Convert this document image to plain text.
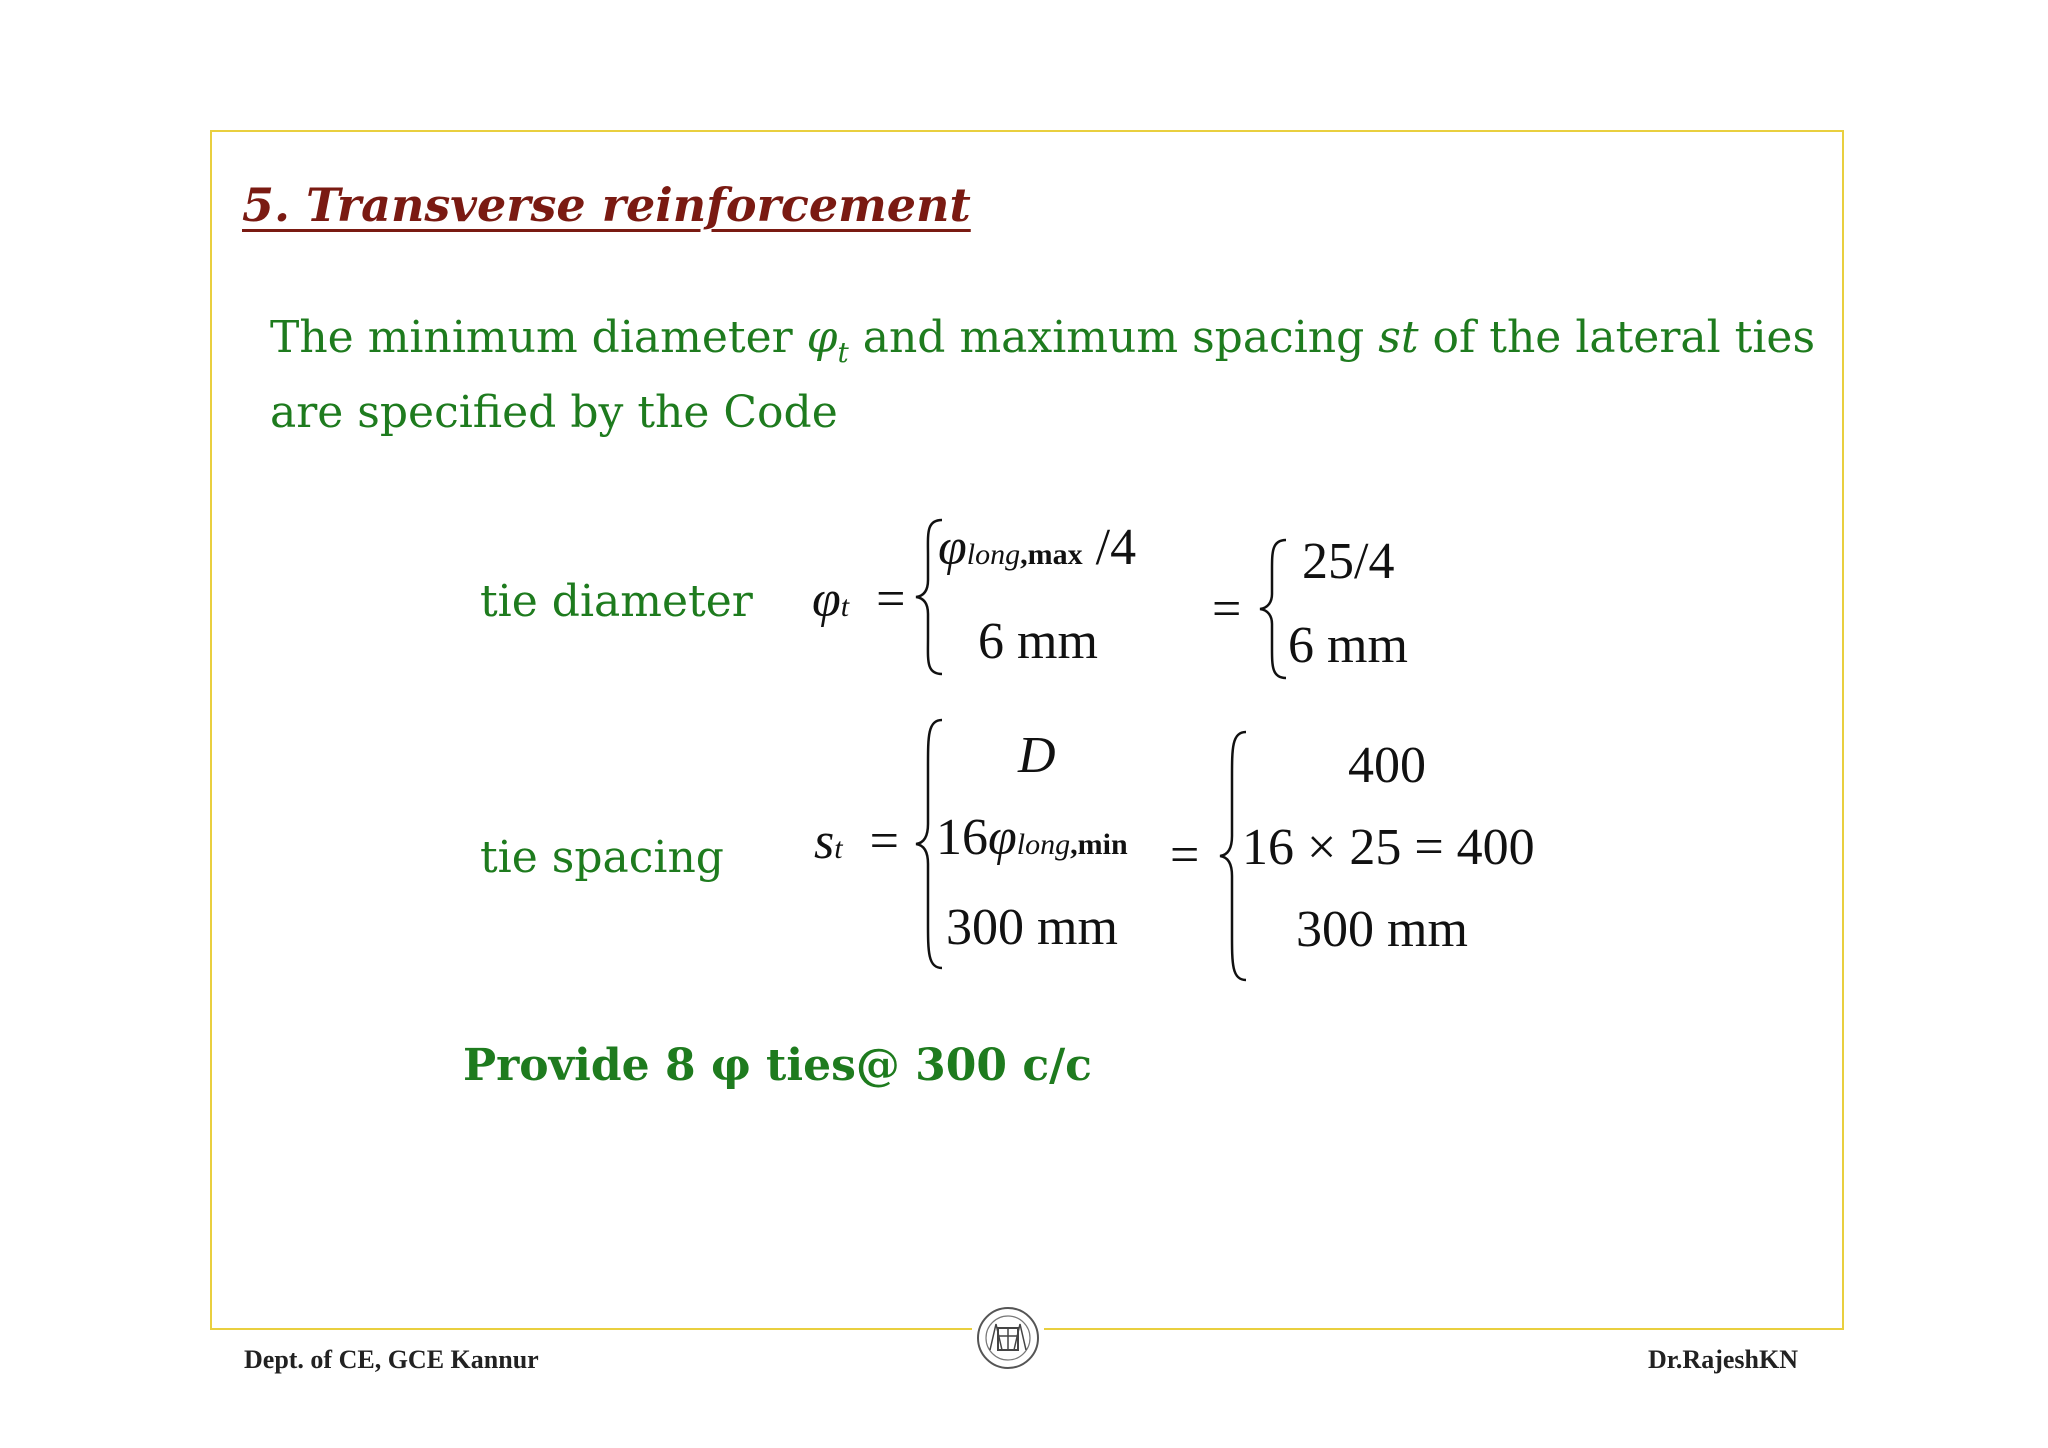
5. Transverse reinforcement

The minimum diameter $\varphi_t$ and maximum spacing st of the lateral ties
are specified by the Code

tie diameter φt =
φlong,max /4
6 mm
=
25/4
6 mm
tie spacing st =
D
16φlong,min
300 mm
=
400
16 × 25 = 400
300 mm

Provide 8 φ ties@ 300 c/c

Dept. of CE, GCE Kannur	Dr.RajeshKN
